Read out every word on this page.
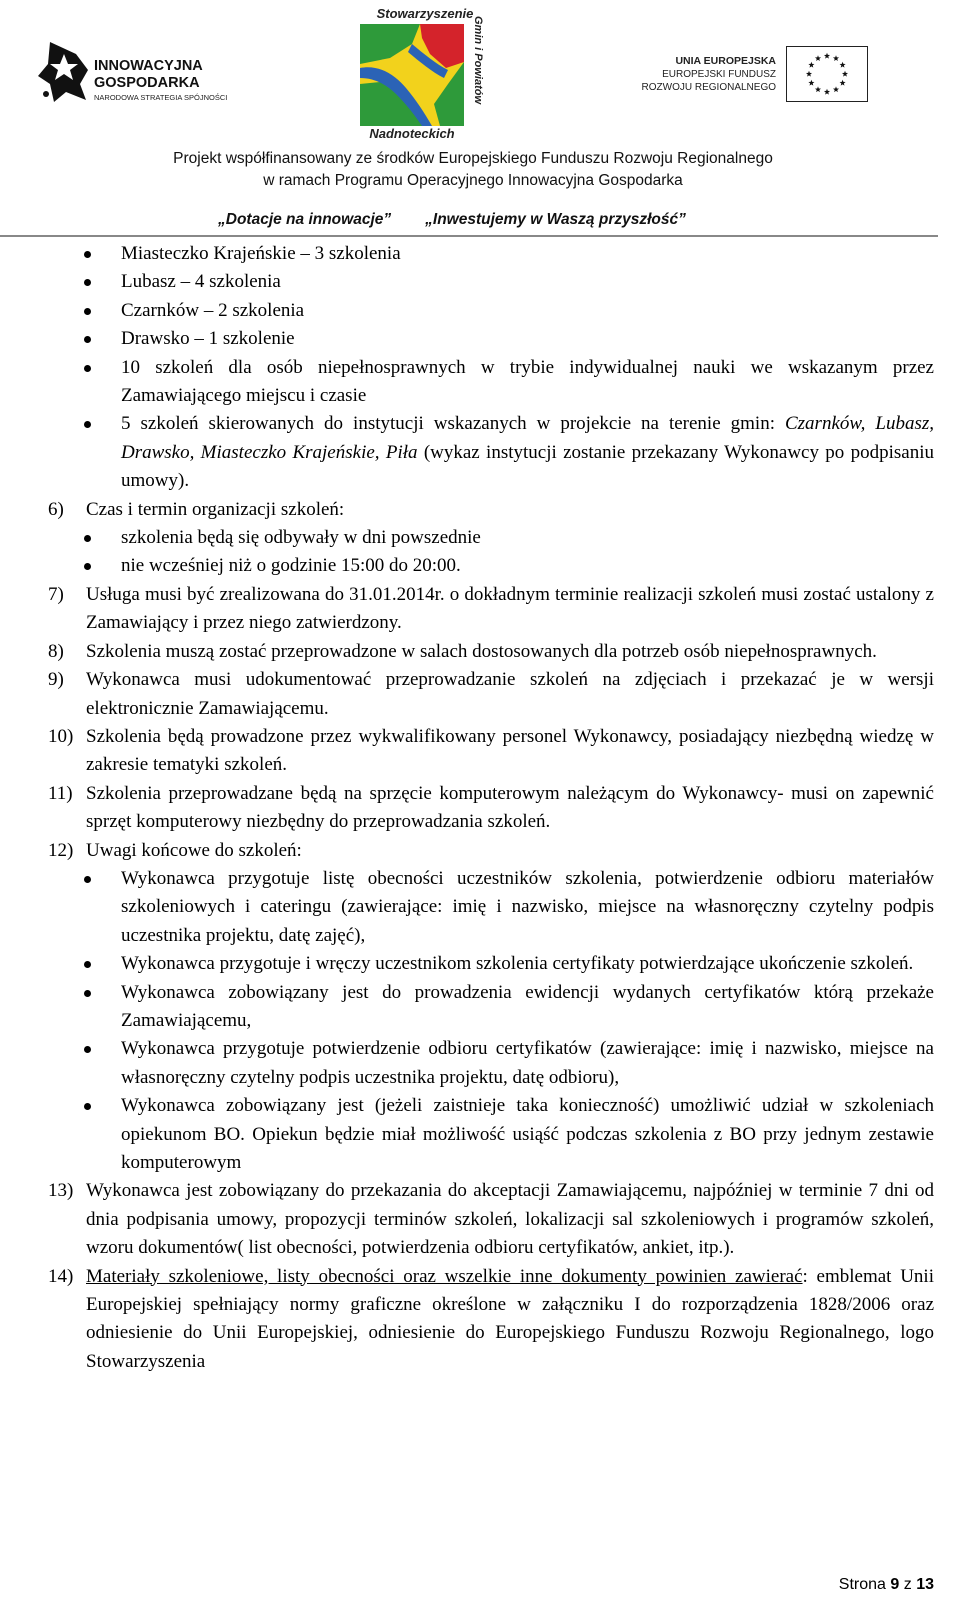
INNOWACYJNA
GOSPODARKA
NARODOWA STRATEGIA SPÓJNOŚCI
Stowarzyszenie
Gmin i Powiatów
Nadnoteckich
UNIA EUROPEJSKA
EUROPEJSKI FUNDUSZ
ROZWOJU REGIONALNEGO
Projekt współfinansowany ze środków Europejskiego Funduszu Rozwoju Regionalnego
w ramach Programu Operacyjnego Innowacyjna Gospodarka
„Dotacje na innowacje” „Inwestujemy w Waszą przyszłość”
Miasteczko Krajeńskie – 3 szkolenia
Lubasz – 4 szkolenia
Czarnków – 2 szkolenia
Drawsko – 1 szkolenie
10 szkoleń dla osób niepełnosprawnych w trybie indywidualnej nauki we wskazanym przez Zamawiającego miejscu i czasie
5 szkoleń skierowanych do instytucji wskazanych w projekcie na terenie gmin: Czarnków, Lubasz, Drawsko, Miasteczko Krajeńskie, Piła (wykaz instytucji zostanie przekazany Wykonawcy po podpisaniu umowy).
6) Czas i termin organizacji szkoleń:
szkolenia będą się odbywały w dni powszednie
nie wcześniej niż o godzinie 15:00 do 20:00.
7) Usługa musi być zrealizowana do 31.01.2014r. o dokładnym terminie realizacji szkoleń musi zostać ustalony z Zamawiający i przez niego zatwierdzony.
8) Szkolenia muszą zostać przeprowadzone w salach dostosowanych dla potrzeb osób niepełnosprawnych.
9) Wykonawca musi udokumentować przeprowadzanie szkoleń na zdjęciach i przekazać je w wersji elektronicznie Zamawiającemu.
10) Szkolenia będą prowadzone przez wykwalifikowany personel Wykonawcy, posiadający niezbędną wiedzę w zakresie tematyki szkoleń.
11) Szkolenia przeprowadzane będą na sprzęcie komputerowym należącym do Wykonawcy- musi on zapewnić sprzęt komputerowy niezbędny do przeprowadzania szkoleń.
12) Uwagi końcowe do szkoleń:
Wykonawca przygotuje listę obecności uczestników szkolenia, potwierdzenie odbioru materiałów szkoleniowych i cateringu (zawierające: imię i nazwisko, miejsce na własnoręczny czytelny podpis uczestnika projektu, datę zajęć),
Wykonawca przygotuje i wręczy uczestnikom szkolenia certyfikaty potwierdzające ukończenie szkoleń.
Wykonawca zobowiązany jest do prowadzenia ewidencji wydanych certyfikatów którą przekaże Zamawiającemu,
Wykonawca przygotuje potwierdzenie odbioru certyfikatów (zawierające: imię i nazwisko, miejsce na własnoręczny czytelny podpis uczestnika projektu, datę odbioru),
Wykonawca zobowiązany jest (jeżeli zaistnieje taka konieczność) umożliwić udział w szkoleniach opiekunom BO. Opiekun będzie miał możliwość usiąść podczas szkolenia z BO przy jednym zestawie komputerowym
13) Wykonawca jest zobowiązany do przekazania do akceptacji Zamawiającemu, najpóźniej w terminie 7 dni od dnia podpisania umowy, propozycji terminów szkoleń, lokalizacji sal szkoleniowych i programów szkoleń, wzoru dokumentów( list obecności, potwierdzenia odbioru certyfikatów, ankiet, itp.).
14) Materiały szkoleniowe, listy obecności oraz wszelkie inne dokumenty powinien zawierać: emblemat Unii Europejskiej spełniający normy graficzne określone w załączniku I do rozporządzenia 1828/2006 oraz odniesienie do Unii Europejskiej, odniesienie do Europejskiego Funduszu Rozwoju Regionalnego, logo Stowarzyszenia
Strona 9 z 13
